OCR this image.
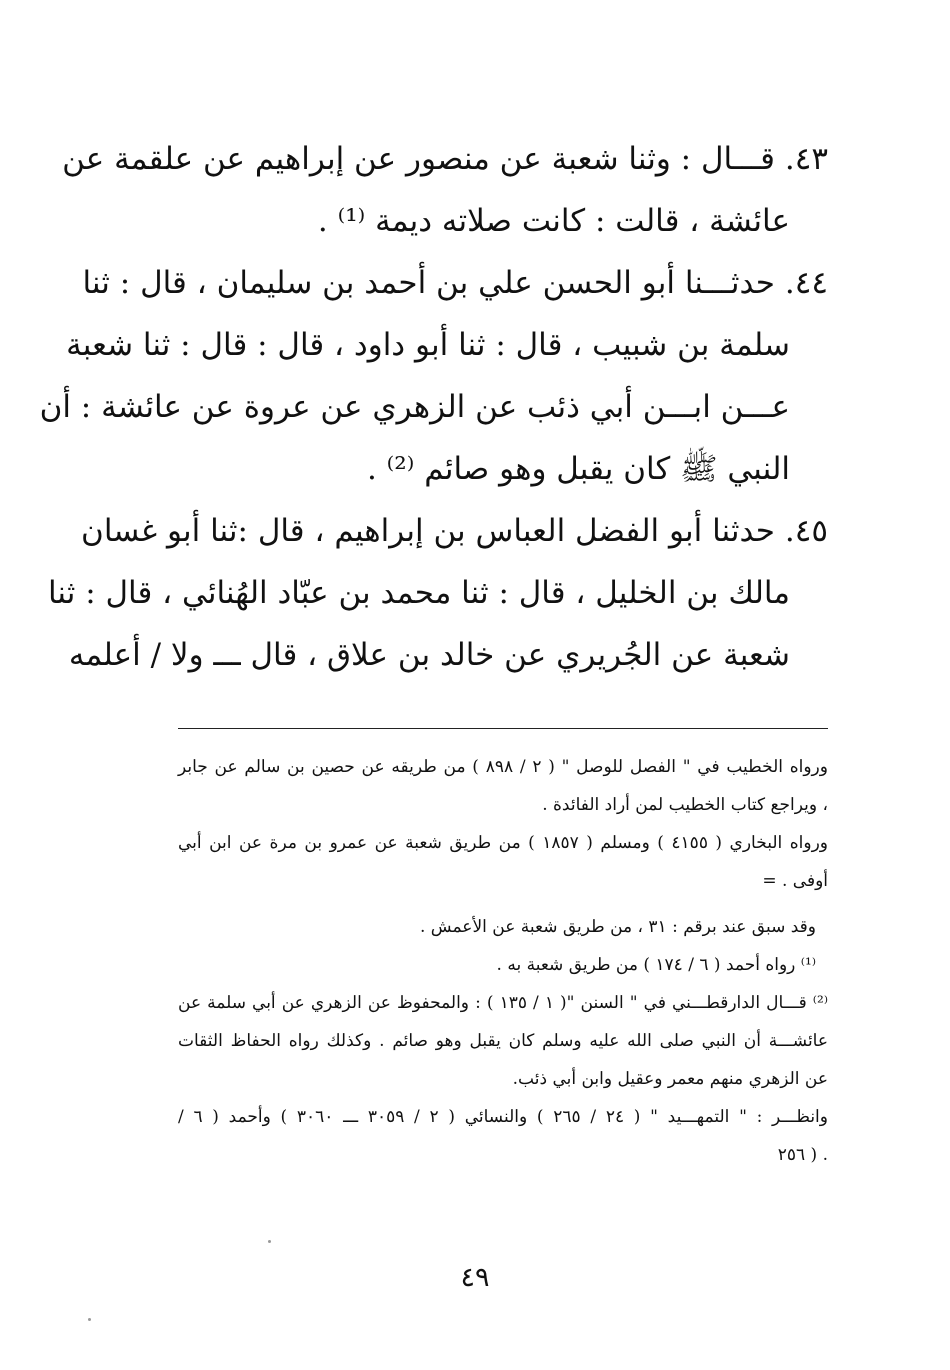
٤٣. قـــال : وثنا شعبة عن منصور عن إبراهيم عن علقمة عن
عائشة ، قالت : كانت صلاته ديمة ⁽¹⁾ .
٤٤. حدثـــنا أبو الحسن علي بن أحمد بن سليمان ، قال : ثنا
سلمة بن شبيب ، قال : ثنا أبو داود ، قال : قال : ثنا شعبة
عـــن ابـــن أبي ذئب عن الزهري عن عروة عن عائشة : أن
النبي ﷺ كان يقبل وهو صائم ⁽²⁾ .
٤٥. حدثنا أبو الفضل العباس بن إبراهيم ، قال :ثنا أبو غسان
مالك بن الخليل ، قال : ثنا محمد بن عبّاد الهُنائي ، قال : ثنا
شعبة عن الجُريري عن خالد بن علاق ، قال ـــ ولا / أعلمه
ورواه الخطيب في " الفصل للوصل " ( ٢ / ٨٩٨ ) من طريقه عن حصين بن سالم عن جابر
، ويراجع كتاب الخطيب لمن أراد الفائدة .
ورواه البخاري ( ٤١٥٥ ) ومسلم ( ١٨٥٧ ) من طريق شعبة عن عمرو بن مرة عن ابن أبي
أوفى . =
وقد سبق عند برقم : ٣١ ، من طريق شعبة عن الأعمش .
⁽¹⁾ رواه أحمد ( ٦ / ١٧٤ ) من طريق شعبة به .
⁽²⁾ قـــال الدارقطـــني في " السنن "( ١ / ١٣٥ ) : والمحفوظ عن الزهري عن أبي سلمة عن
عائشـــة أن النبي صلى الله عليه وسلم كان يقبل وهو صائم . وكذلك رواه الحفاظ الثقات
عن الزهري منهم معمر وعقيل وابن أبي ذئب.
وانظـــر : " التمهـــيد " ( ٢٤ / ٢٦٥ ) والنسائي ( ٢ / ٣٠٥٩ ـــ ٣٠٦٠ ) وأحمد ( ٦ /
. ( ٢٥٦
٤٩
